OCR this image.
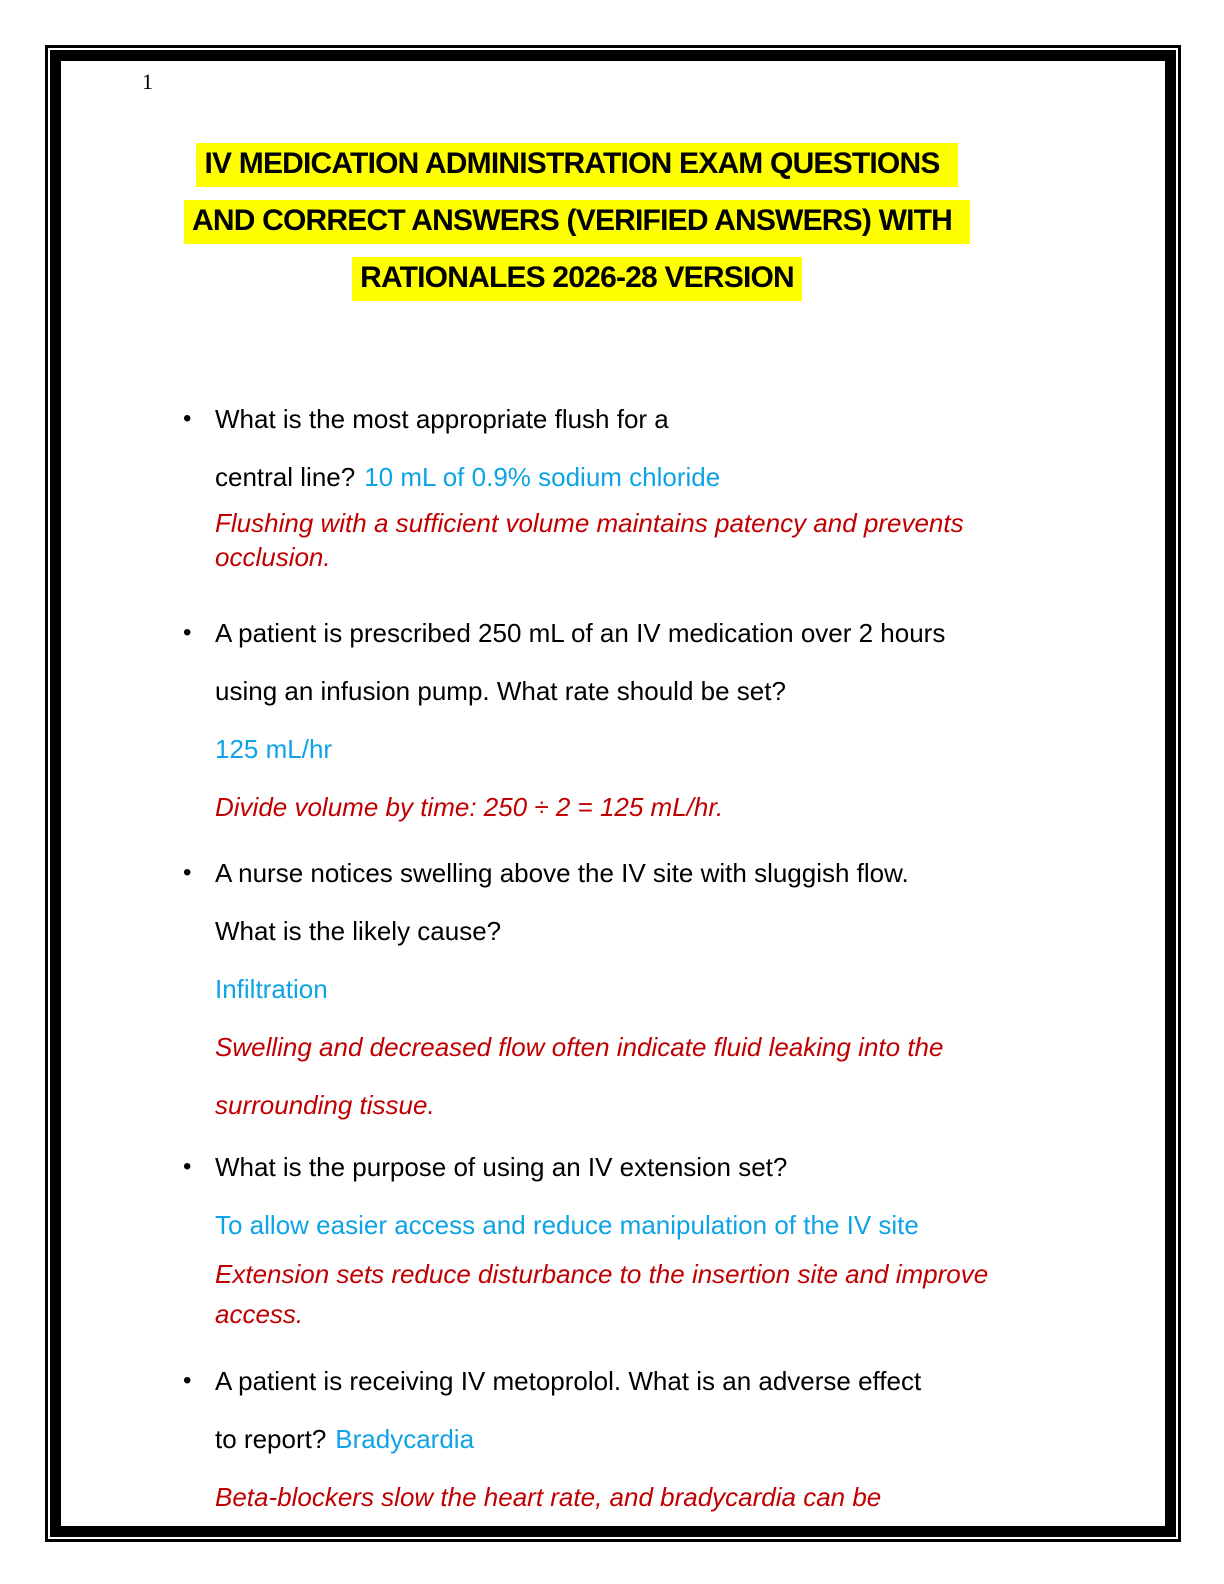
1
IV MEDICATION ADMINISTRATION EXAM QUESTIONS
AND CORRECT ANSWERS (VERIFIED ANSWERS) WITH
RATIONALES 2026-28 VERSION
• What is the most appropriate flush for a
central line? 10 mL of 0.9% sodium chloride
Flushing with a sufficient volume maintains patency and prevents
occlusion.
• A patient is prescribed 250 mL of an IV medication over 2 hours
using an infusion pump. What rate should be set?
125 mL/hr
Divide volume by time: 250 ÷ 2 = 125 mL/hr.
• A nurse notices swelling above the IV site with sluggish flow.
What is the likely cause?
Infiltration
Swelling and decreased flow often indicate fluid leaking into the
surrounding tissue.
• What is the purpose of using an IV extension set?
To allow easier access and reduce manipulation of the IV site
Extension sets reduce disturbance to the insertion site and improve
access.
• A patient is receiving IV metoprolol. What is an adverse effect
to report? Bradycardia
Beta-blockers slow the heart rate, and bradycardia can be
